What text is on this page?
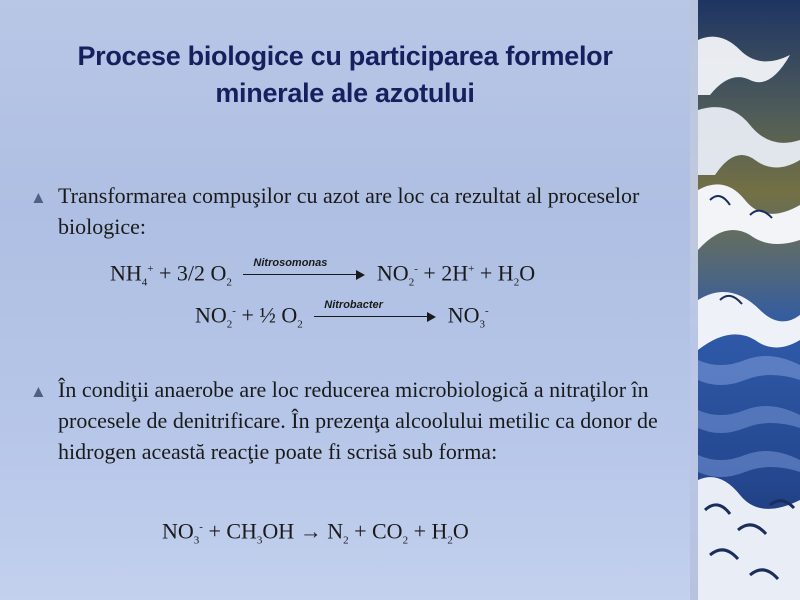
Procese biologice cu participarea formelor
minerale ale azotului
▲ Transformarea compuşilor cu azot are loc ca rezultat al proceselor biologice:
$NH_4^+ + 3/2$ $O_2$
Nitrosomonas $NO_2^- + 2H^+ + H_2O$
$NO_2^-$ + ½ $O_2$
Nitrobacter	$NO_3^-$
▲ În condiţii anaerobe are loc reducerea microbiologică a nitraţilor în procesele de denitrificare. În prezenţa alcoolului metilic ca donor de hidrogen această reacţie poate fi scrisă sub forma:
$NO_3^- + CH_3OH \to N_2 + CO_2 + H_2O$
